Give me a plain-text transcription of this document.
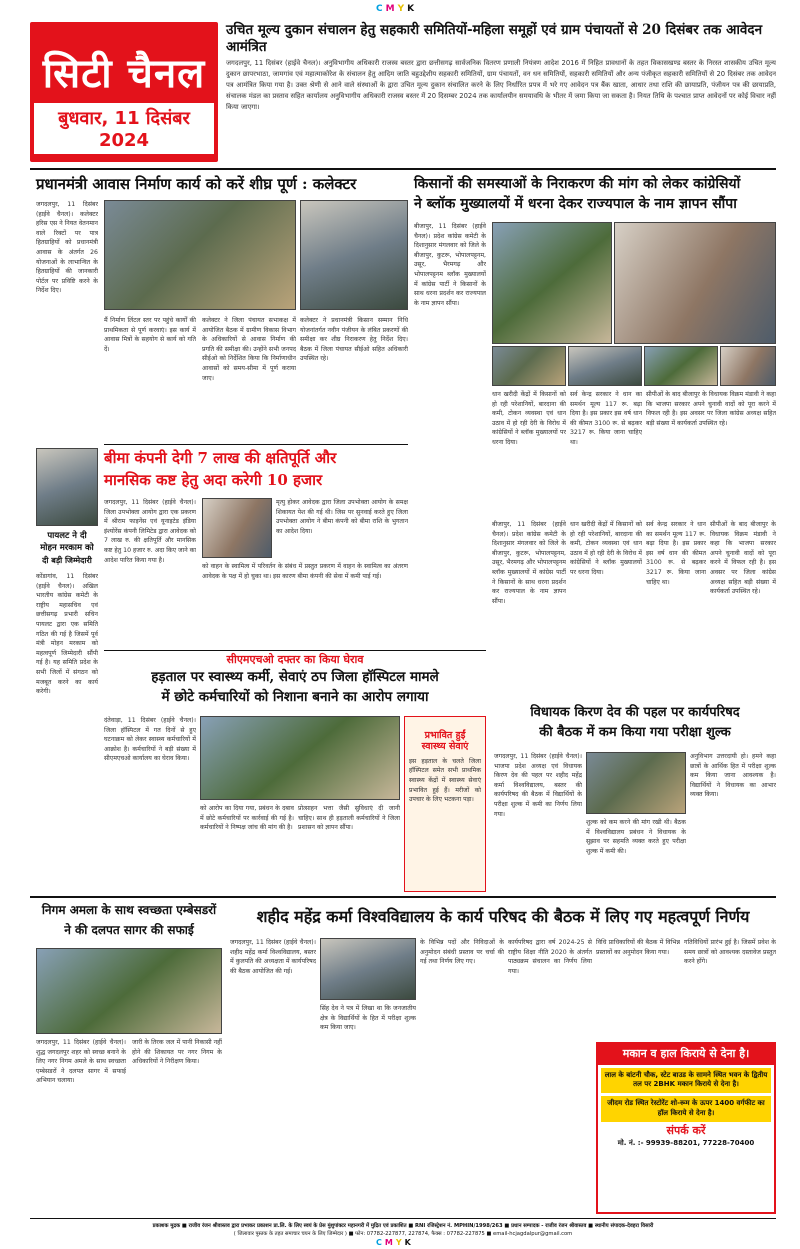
CMYK
सिटी चैनल
बुधवार, 11 दिसंबर 2024
उचित मूल्य दुकान संचालन हेतु सहकारी समितियों-महिला समूहों एवं ग्राम पंचायतों से 20 दिसंबर तक आवेदन आमंत्रित
जगदलपुर, 11 दिसंबर (हाईवे चैनल)। अनुविभागीय अधिकारी राजस्व बस्तर द्वारा छत्तीसगढ़ सार्वजनिक वितरण प्रणाली नियंत्रण आदेश 2016 में निहित प्रावधानों के तहत विकासखण्ड बस्तर के निरस्त शासकीय उचित मूल्य दुकान छापरभाठा, जामगांव एवं महात्माकोरेश के संचालन हेतु आदिम जाति बहुउद्देशीय सहकारी समितियों, ग्राम पंचायतों, वन धन समितियों, सहकारी समितियों और अन्य पंजीकृत सहकारी समितियों से 20 दिसंबर तक आवेदन पत्र आमंत्रित किया गया है। उक्त श्रेणी से आने वाले संस्थाओं के द्वारा उचित मूल्य दुकान संचालित करने के लिए निर्धारित प्रपत्र में भरे गए आवेदन पत्र बैंक खाता, आधार तथा राशि की छायाप्रति, पंजीयन पत्र की छायाप्रति, संचालक मंडल का प्रस्ताव सहित कार्यालय अनुविभागीय अधिकारी राजस्व बस्तर में 20 दिसम्बर 2024 तक कार्यालयीन समयावधि के भीतर में जमा किया जा सकता है। नियत तिथि के पश्चात प्राप्त आवेदनों पर कोई विचार नहीं किया जाएगा।
प्रधानमंत्री आवास निर्माण कार्य को करें शीघ्र पूर्ण : कलेक्टर
जगदलपुर, 11 दिसंबर (हाईवे चैनल)। कलेक्टर हरिस एस ने नियत वेतनमान वाले रिक्टों पर पात्र हितग्राहियों को प्रधानमंत्री आवास के अंतर्गत 26 योजनाओं के लाभान्वित के हितग्राहियों की जानकारी पोर्टल पर प्रविष्टि करने के निर्देश दिए।
मैं निर्माण लिंटल स्तर पर पहुंचे कार्यों की प्राथमिकता से पूर्ण करवाएं। इस कार्य में आवास मित्रों के सहयोग से कार्य को गति दें।
कलेक्टर ने जिला पंचायत सभाकक्ष में आयोजित बैठक में ग्रामीण विकास विभाग के अधिकारियों से आवास निर्माण की प्रगति की समीक्षा की। उन्होंने सभी जनपद सीईओ को निर्देशित किया कि निर्माणाधीन आवासों को समय-सीमा में पूर्ण कराया जाए।
कलेक्टर ने प्रधानमंत्री किसान सम्मान निधि योजनांतर्गत नवीन पंजीयन के लंबित प्रकरणों की समीक्षा कर शीघ्र निराकरण हेतु निर्देश दिए। बैठक में जिला पंचायत सीईओ सहित अधिकारी उपस्थित रहे।
किसानों की समस्याओं के निराकरण की मांग को लेकर कांग्रेसियों
ने ब्लॉक मुख्यालयों में धरना देकर राज्यपाल के नाम ज्ञापन सौंपा
बीजापुर, 11 दिसंबर (हाईवे चैनल)। प्रदेश कांग्रेस कमेटी के दिशानुसार मंगलवार को जिले के बीजापुर, कुटरू, भोपालपट्टनम, उसूर, भैरमगढ़ और भोपालपट्टनम ब्लॉक मुख्यालयों में कांग्रेस पार्टी ने किसानों के साथ धरना प्रदर्शन कर राज्यपाल के नाम ज्ञापन सौंपा।
धान खरीदी केंद्रों में किसानों को हो रही परेशानियों, बारदाना की कमी, टोकन व्यवस्था एवं धान उठाव में हो रही देरी के विरोध में कांग्रेसियों ने ब्लॉक मुख्यालयों पर धरना दिया।
सर्व केन्द्र सरकार ने धान का समर्थन मूल्य 117 रू. बढ़ा दिया है। इस प्रकार इस वर्ष धान की कीमत 3100 रू. से बढ़कर 3217 रू. किया जाना चाहिए था।
सीपीओं के बाद बीजापुर के विधायक विक्रम मंडावी ने कहा कि भाजपा सरकार अपने चुनावी वादों को पूरा करने में विफल रही है। इस अवसर पर जिला कांग्रेस अध्यक्ष सहित बड़ी संख्या में कार्यकर्ता उपस्थित रहे।
बीजापुर, 11 दिसंबर (हाईवे चैनल)। प्रदेश कांग्रेस कमेटी के दिशानुसार मंगलवार को जिले के बीजापुर, कुटरू, भोपालपट्टनम, उसूर, भैरमगढ़ और भोपालपट्टनम ब्लॉक मुख्यालयों में कांग्रेस पार्टी ने किसानों के साथ धरना प्रदर्शन कर राज्यपाल के नाम ज्ञापन सौंपा।
धान खरीदी केंद्रों में किसानों को हो रही परेशानियों, बारदाना की कमी, टोकन व्यवस्था एवं धान उठाव में हो रही देरी के विरोध में कांग्रेसियों ने ब्लॉक मुख्यालयों पर धरना दिया।
सर्व केन्द्र सरकार ने धान का समर्थन मूल्य 117 रू. बढ़ा दिया है। इस प्रकार इस वर्ष धान की कीमत 3100 रू. से बढ़कर 3217 रू. किया जाना चाहिए था।
सीपीओं के बाद बीजापुर के विधायक विक्रम मंडावी ने कहा कि भाजपा सरकार अपने चुनावी वादों को पूरा करने में विफल रही है। इस अवसर पर जिला कांग्रेस अध्यक्ष सहित बड़ी संख्या में कार्यकर्ता उपस्थित रहे।
पायलट ने दी
मोहन मरकाम को
दी बड़ी जिम्मेदारी
कोंडागांव, 11 दिसंबर (हाईवे चैनल)। अखिल भारतीय कांग्रेस कमेटी के राष्ट्रीय महासचिव एवं छत्तीसगढ़ प्रभारी सचिन पायलट द्वारा एक समिति गठित की गई है जिसमें पूर्व मंत्री मोहन मरकाम को महत्वपूर्ण जिम्मेदारी सौंपी गई है। यह समिति प्रदेश के सभी जिलों में संगठन को मजबूत करने का कार्य करेगी।
बीमा कंपनी देगी 7 लाख की क्षतिपूर्ति और
मानसिक कष्ट हेतु अदा करेगी 10 हजार
जगदलपुर, 11 दिसंबर (हाईवे चैनल)। जिला उपभोक्ता आयोग द्वारा एक प्रकरण में श्रीराम फाइनेंस एवं यूनाइटेड इंडिया इंश्योरेंस कंपनी लिमिटेड द्वारा आवेदक को 7 लाख रु. की क्षतिपूर्ति और मानसिक कष्ट हेतु 10 हजार रु. अदा किए जाने का आदेश पारित किया गया है।
मृत्यु होकर आवेदक द्वारा जिला उपभोक्ता आयोग के समक्ष शिकायत पेश की गई थी। जिस पर सुनवाई करते हुए जिला उपभोक्ता आयोग ने बीमा कंपनी को बीमा राशि के भुगतान का आदेश दिया।
को वाहन के स्वामित्व में परिवर्तन के संबंध में प्रस्तुत प्रकरण में वाहन के स्वामित्व का अंतरण आवेदक के पक्ष में हो चुका था। इस कारण बीमा कंपनी की सेवा में कमी पाई गई।
सीएमएचओ दफ्तर का किया घेराव
हड़ताल पर स्वास्थ्य कर्मी, सेवाएं ठप जिला हॉस्पिटल मामले
में छोटे कर्मचारियों को निशाना बनाने का आरोप लगाया
दंतेवाड़ा, 11 दिसंबर (हाईवे चैनल)। जिला हॉस्पिटल में गत दिनों से हुए घटनाक्रम को लेकर स्वास्थ्य कर्मचारियों में आक्रोश है। कर्मचारियों ने बड़ी संख्या में सीएमएचओ कार्यालय का घेराव किया।
को आरोप का दिया गया, प्रबंधन के दबाव में छोटे कर्मचारियों पर कार्रवाई की गई है। कर्मचारियों ने निष्पक्ष जांच की मांग की है।
प्रोत्साहन भत्ता जैसी सुविधाएं दी जानी चाहिए। साथ ही हड़ताली कर्मचारियों ने जिला प्रशासन को ज्ञापन सौंपा।
प्रभावित हुईं
स्वास्थ्य सेवाएं
इस हड़ताल के चलते जिला हॉस्पिटल समेत सभी प्राथमिक स्वास्थ्य केंद्रों में स्वास्थ्य सेवाएं प्रभावित हुई हैं। मरीजों को उपचार के लिए भटकना पड़ा।
विधायक किरण देव की पहल पर कार्यपरिषद
की बैठक में कम किया गया परीक्षा शुल्क
जगदलपुर, 11 दिसंबर (हाईवे चैनल)। भाजपा प्रदेश अध्यक्ष एवं विधायक किरण देव की पहल पर शहीद महेंद्र कर्मा विश्वविद्यालय, बस्तर की कार्यपरिषद की बैठक में विद्यार्थियों के परीक्षा शुल्क में कमी का निर्णय लिया गया।
शुल्क को कम करने की मांग रखी थी। बैठक में विश्वविद्यालय प्रबंधन ने विधायक के सुझाव पर सहमति व्यक्त करते हुए परीक्षा शुल्क में कमी की।
अनुविभाग उत्तरदायी हो। हमने कहा छात्रों के आर्थिक हित में परीक्षा शुल्क कम किया जाना आवश्यक है। विद्यार्थियों ने विधायक का आभार व्यक्त किया।
निगम अमला के साथ स्वच्छता एम्बेसडरों
ने की दलपत सागर की सफाई
जगदलपुर, 11 दिसंबर (हाईवे चैनल)। शुद्ध जगदलपुर शहर को स्वच्छ बनाने के लिए नगर निगम अमले के साथ स्वच्छता एम्बेसडरों ने दलपत सागर में सफाई अभियान चलाया।
जारी के तिरक जल में पानी निकासी नहीं होने की शिकायत पर नगर निगम के अधिकारियों ने निरीक्षण किया।
शहीद महेंद्र कर्मा विश्वविद्यालय के कार्य परिषद की बैठक में लिए गए महत्वपूर्ण निर्णय
जगदलपुर, 11 दिसंबर (हाईवे चैनल)। शहीद महेंद्र कर्मा विश्वविद्यालय, बस्तर में कुलपति की अध्यक्षता में कार्यपरिषद की बैठक आयोजित की गई।
सिंह देव ने पत्र में लिखा था कि जनजातीय क्षेत्र के विद्यार्थियों के हित में परीक्षा शुल्क कम किया जाए।
के विभिन्न पदों और निविदाओं के अनुमोदन संबंधी प्रस्ताव पर चर्चा की गई तथा निर्णय लिए गए।
कार्यपरिषद द्वारा वर्ष 2024-25 से राष्ट्रीय शिक्षा नीति 2020 के अंतर्गत पाठ्यक्रम संचालन का निर्णय लिया गया।
विधि प्राधिकारियों की बैठक में विभिन्न प्रस्तावों का अनुमोदन किया गया।
गतिविधियों प्रारंभ हुई है। जिसमें प्रवेश के समय छात्रों को आवश्यक दस्तावेज प्रस्तुत करने होंगे।
मकान व हाल किराये से देना है।
लाल के बांटनी चौक, स्टेट बाउड के सामने स्थित भवन के द्वितीय तल पर 2BHK मकान किराये से देना है।
जीदम रोड स्थित रेस्टोरेंट शो-रूम के ऊपर 1400 वर्गफीट का हॉल किराये से देना है।
संपर्क करें
मो. नं. :- 99939-88201, 77228-70400
प्रकाशक मुद्रक ■ राजीव रंजन श्रीवास्तव द्वारा प्रभाकर प्रकाशन प्रा.लि. के लिए स्वयं के प्रेस मुंशुपांक्टर महानगरी में मुद्रित एवं प्रकाशित ■ RNI रजिस्ट्रेशन नं. MPHIN/1998/263 ■ प्रधान सम्पादक - राजीव रंजन श्रीवास्तव ■ स्थानीय संपादक-देवहरा विसारी
( जिलावार पुस्तक के तहत समाचार चयन के लिए जिम्मेदार ) ■ फोन: 07782-227877, 227874, फैक्स : 07782-227875 ■ email-hcjagdalpur@gmail.com
CMYK
